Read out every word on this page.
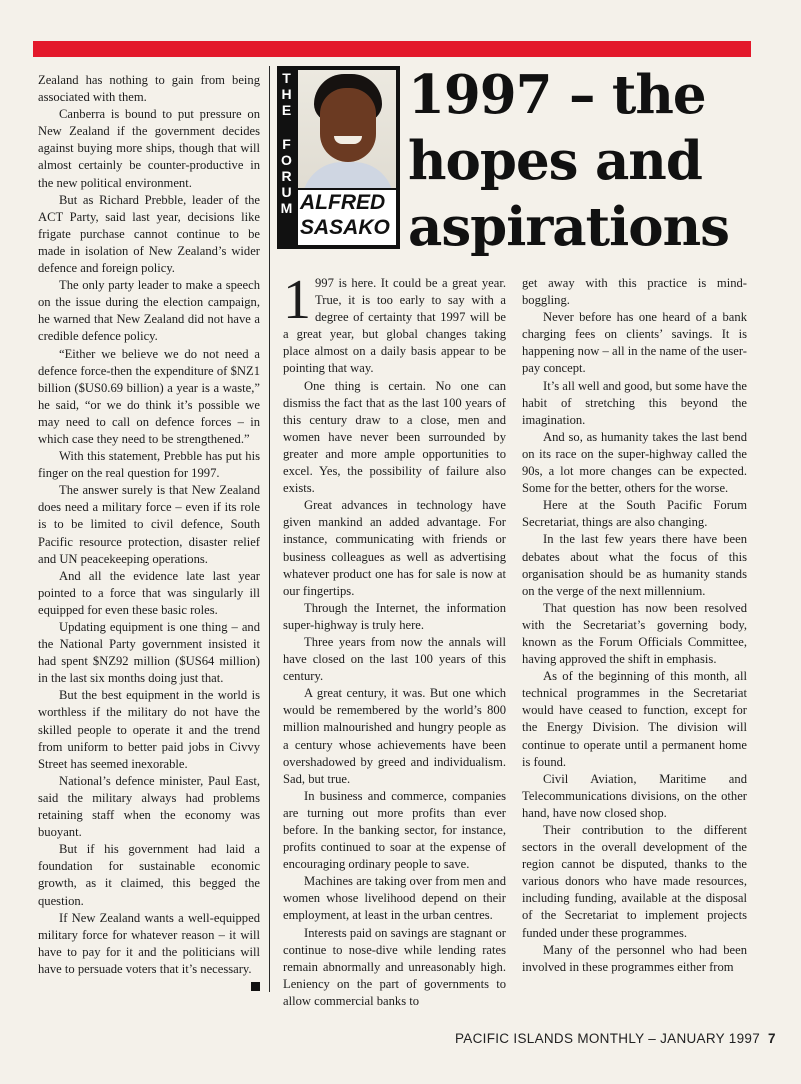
Zealand has nothing to gain from being associated with them.

Canberra is bound to put pressure on New Zealand if the government decides against buying more ships, though that will almost certainly be counter-productive in the new political environment.

But as Richard Prebble, leader of the ACT Party, said last year, decisions like frigate purchase cannot continue to be made in isolation of New Zealand’s wider defence and foreign policy.

The only party leader to make a speech on the issue during the election campaign, he warned that New Zealand did not have a credible defence policy.

“Either we believe we do not need a defence force-then the expenditure of $NZ1 billion ($US0.69 billion) a year is a waste,” he said, “or we do think it’s possible we may need to call on defence forces – in which case they need to be strengthened.”

With this statement, Prebble has put his finger on the real question for 1997.

The answer surely is that New Zealand does need a military force – even if its role is to be limited to civil defence, South Pacific resource protection, disaster relief and UN peacekeeping operations.

And all the evidence late last year pointed to a force that was singularly ill equipped for even these basic roles.

Updating equipment is one thing – and the National Party government insisted it had spent $NZ92 million ($US64 million) in the last six months doing just that.

But the best equipment in the world is worthless if the military do not have the skilled people to operate it and the trend from uniform to better paid jobs in Civvy Street has seemed inexorable.

National’s defence minister, Paul East, said the military always had problems retaining staff when the economy was buoyant.

But if his government had laid a foundation for sustainable economic growth, as it claimed, this begged the question.

If New Zealand wants a well-equipped military force for whatever reason – it will have to pay for it and the politicians will have to persuade voters that it’s necessary.

T
H
E
F
O
R
U
M ALFRED
SASAKO
1997 – the
hopes and
aspirations

1 997 is here. It could be a great year. True, it is too early to say with a degree of certainty that 1997 will be a great year, but global changes taking place almost on a daily basis appear to be pointing that way.

One thing is certain. No one can dismiss the fact that as the last 100 years of this century draw to a close, men and women have never been surrounded by greater and more ample opportunities to excel. Yes, the possibility of failure also exists.

Great advances in technology have given mankind an added advantage. For instance, communicating with friends or business colleagues as well as advertising whatever product one has for sale is now at our fingertips.

Through the Internet, the information super-highway is truly here.

Three years from now the annals will have closed on the last 100 years of this century.

A great century, it was. But one which would be remembered by the world’s 800 million malnourished and hungry people as a century whose achievements have been overshadowed by greed and individualism. Sad, but true.

In business and commerce, companies are turning out more profits than ever before. In the banking sector, for instance, profits continued to soar at the expense of encouraging ordinary people to save.

Machines are taking over from men and women whose livelihood depend on their employment, at least in the urban centres.

Interests paid on savings are stagnant or continue to nose-dive while lending rates remain abnormally and unreasonably high. Leniency on the part of governments to allow commercial banks to

get away with this practice is mind-boggling.

Never before has one heard of a bank charging fees on clients’ savings. It is happening now – all in the name of the user-pay concept.

It’s all well and good, but some have the habit of stretching this beyond the imagination.

And so, as humanity takes the last bend on its race on the super-highway called the 90s, a lot more changes can be expected. Some for the better, others for the worse.

Here at the South Pacific Forum Secretariat, things are also changing.

In the last few years there have been debates about what the focus of this organisation should be as humanity stands on the verge of the next millennium.

That question has now been resolved with the Secretariat’s governing body, known as the Forum Officials Committee, having approved the shift in emphasis.

As of the beginning of this month, all technical programmes in the Secretariat would have ceased to function, except for the Energy Division. The division will continue to operate until a permanent home is found.

Civil Aviation, Maritime and Telecommunications divisions, on the other hand, have now closed shop.

Their contribution to the different sectors in the overall development of the region cannot be disputed, thanks to the various donors who have made resources, including funding, available at the disposal of the Secretariat to implement projects funded under these programmes.

Many of the personnel who had been involved in these programmes either from

PACIFIC ISLANDS MONTHLY – JANUARY 1997 7
